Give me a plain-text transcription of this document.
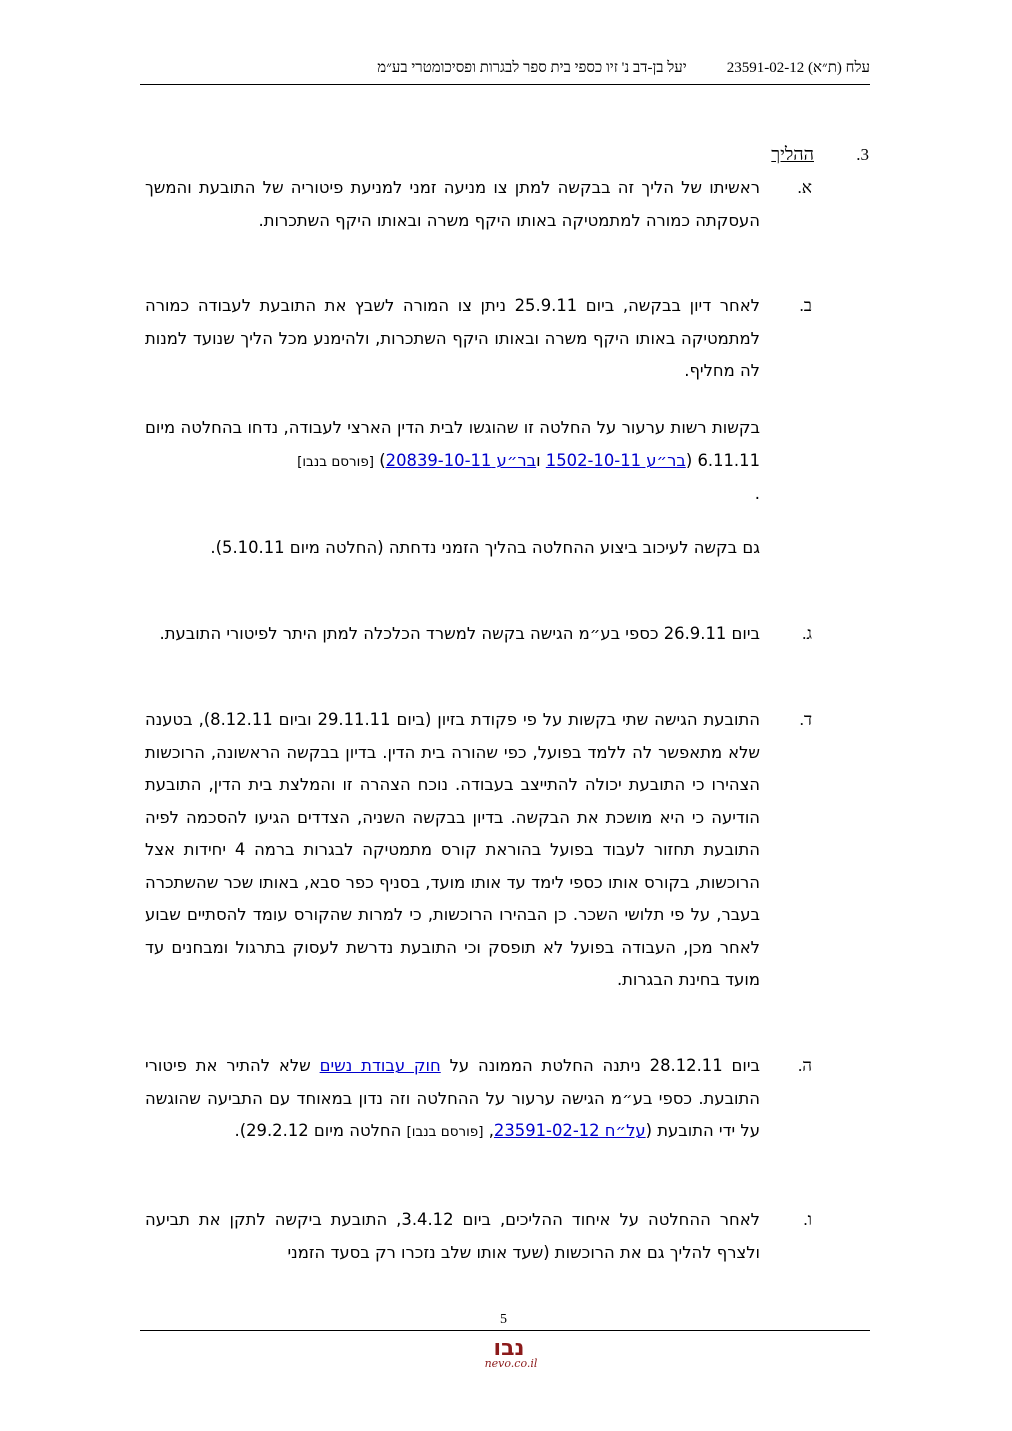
עלח (ת״א) 23591-02-12
יעל בן-דב נ' זיו כספי בית ספר לבגרות ופסיכומטרי בע״מ
3.ההליך
א.

ראשיתו של הליך זה בבקשה למתן צו מניעה זמני למניעת פיטוריה של התובעת והמשך העסקתה כמורה למתמטיקה באותו היקף משרה ובאותו היקף השתכרות.

ב.

לאחר דיון בבקשה, ביום 25.9.11 ניתן צו המורה לשבץ את התובעת לעבודה כמורה למתמטיקה באותו היקף משרה ובאותו היקף השתכרות, ולהימנע מכל הליך שנועד למנות לה מחליף.

בקשות רשות ערעור על החלטה זו שהוגשו לבית הדין הארצי לעבודה, נדחו בהחלטה מיום 6.11.11 (בר״ע 1502-10-11 ובר״ע 20839-10-11) [פורסם בנבו]
.

גם בקשה לעיכוב ביצוע ההחלטה בהליך הזמני נדחתה (החלטה מיום 5.10.11).

ג.

ביום 26.9.11 כספי בע״מ הגישה בקשה למשרד הכלכלה למתן היתר לפיטורי התובעת.

ד.

התובעת הגישה שתי בקשות על פי פקודת בזיון (ביום 29.11.11 וביום 8.12.11), בטענה שלא מתאפשר לה ללמד בפועל, כפי שהורה בית הדין. בדיון בבקשה הראשונה, הרוכשות הצהירו כי התובעת יכולה להתייצב בעבודה. נוכח הצהרה זו והמלצת בית הדין, התובעת הודיעה כי היא מושכת את הבקשה. בדיון בבקשה השניה, הצדדים הגיעו להסכמה לפיה התובעת תחזור לעבוד בפועל בהוראת קורס מתמטיקה לבגרות ברמה 4 יחידות אצל הרוכשות, בקורס אותו כספי לימד עד אותו מועד, בסניף כפר סבא, באותו שכר שהשתכרה בעבר, על פי תלושי השכר. כן הבהירו הרוכשות, כי למרות שהקורס עומד להסתיים שבוע לאחר מכן, העבודה בפועל לא תופסק וכי התובעת נדרשת לעסוק בתרגול ומבחנים עד מועד בחינת הבגרות.

ה.

ביום 28.12.11 ניתנה החלטת הממונה על חוק עבודת נשים שלא להתיר את פיטורי התובעת. כספי בע״מ הגישה ערעור על ההחלטה וזה נדון במאוחד עם התביעה שהוגשה על ידי התובעת (על״ח 23591-02-12, [פורסם בנבו] החלטה מיום 29.2.12).

ו.

לאחר ההחלטה על איחוד ההליכים, ביום 3.4.12, התובעת ביקשה לתקן את תביעה ולצרף להליך גם את הרוכשות (שעד אותו שלב נזכרו רק בסעד הזמני

5
נבו
nevo.co.il
